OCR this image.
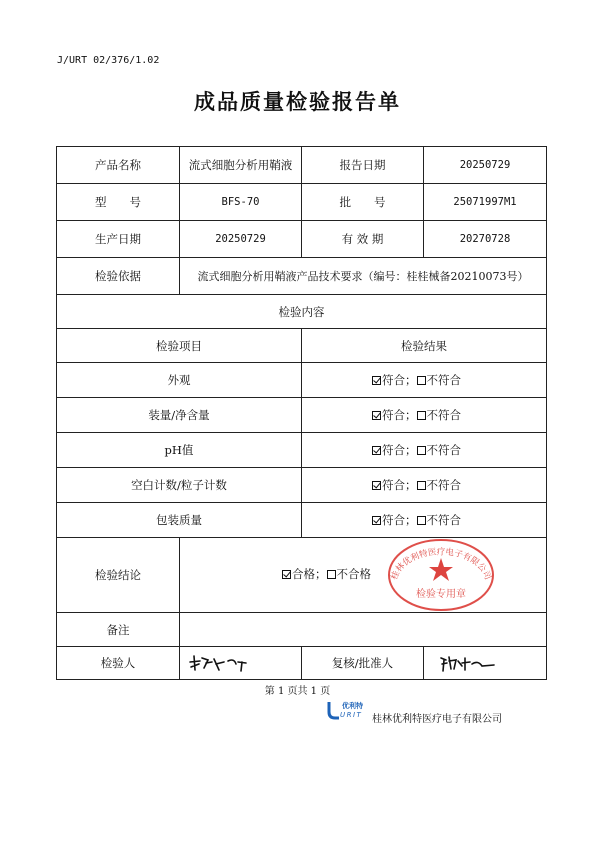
J/URT 02/376/1.02
成品质量检验报告单
产品名称	流式细胞分析用鞘液	报告日期	20250729
型　　号	BFS-70	批　　号	25071997M1
生产日期	20250729	有 效 期	20270728
检验依据	流式细胞分析用鞘液产品技术要求（编号：桂桂械备20210073号）		
检验内容			
检验项目		检验结果	
外观		符合； 不符合	
装量/净含量		符合； 不符合	
pH值		符合； 不符合	
空白计数/粒子计数		符合； 不符合	
包装质量		符合； 不符合	
检验结论	合格； 不合格 桂林优利特医疗电子有限公司
检验专用章		

备注			
检验人		复核/批准人	
第 1 页共 1 页
优利特
URIT 桂林优利特医疗电子有限公司
